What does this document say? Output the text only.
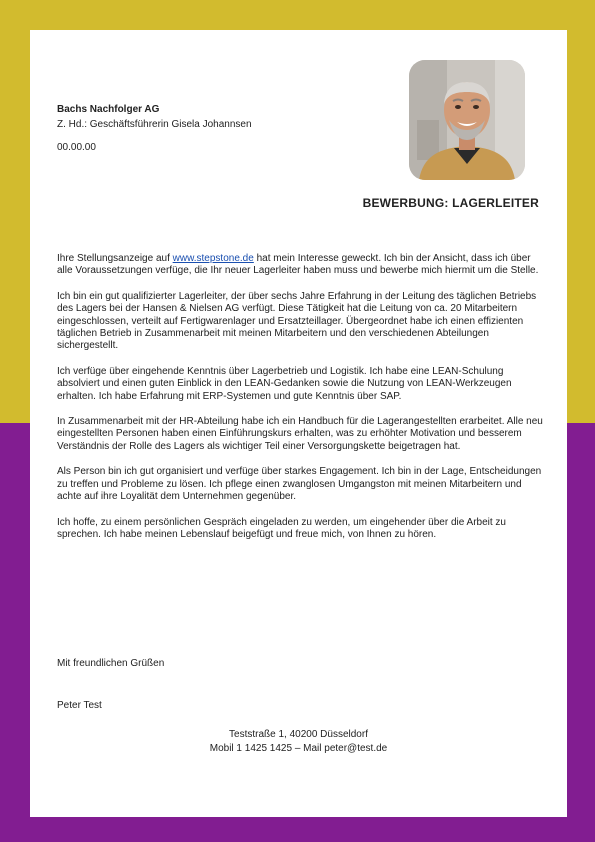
Bachs Nachfolger AG
Z. Hd.: Geschäftsführerin Gisela Johannsen
00.00.00
BEWERBUNG: LAGERLEITER

Ihre Stellungsanzeige auf www.stepstone.de hat mein Interesse geweckt. Ich bin der Ansicht, dass ich über alle Voraussetzungen verfüge, die Ihr neuer Lagerleiter haben muss und bewerbe mich hiermit um die Stelle.

Ich bin ein gut qualifizierter Lagerleiter, der über sechs Jahre Erfahrung in der Leitung des täglichen Betriebs des Lagers bei der Hansen & Nielsen AG verfügt. Diese Tätigkeit hat die Leitung von ca. 20 Mitarbeitern eingeschlossen, verteilt auf Fertigwarenlager und Ersatzteillager. Übergeordnet habe ich einen effizienten täglichen Betrieb in Zusammenarbeit mit meinen Mitarbeitern und den verschiedenen Abteilungen sichergestellt.

Ich verfüge über eingehende Kenntnis über Lagerbetrieb und Logistik. Ich habe eine LEAN-Schulung absolviert und einen guten Einblick in den LEAN-Gedanken sowie die Nutzung von LEAN-Werkzeugen erhalten. Ich habe Erfahrung mit ERP-Systemen und gute Kenntnis über SAP.

In Zusammenarbeit mit der HR-Abteilung habe ich ein Handbuch für die Lagerangestellten erarbeitet. Alle neu eingestellten Personen haben einen Einführungskurs erhalten, was zu erhöhter Motivation und besserem Verständnis der Rolle des Lagers als wichtiger Teil einer Versorgungskette beigetragen hat.

Als Person bin ich gut organisiert und verfüge über starkes Engagement. Ich bin in der Lage, Entscheidungen zu treffen und Probleme zu lösen. Ich pflege einen zwanglosen Umgangston mit meinen Mitarbeitern und achte auf ihre Loyalität dem Unternehmen gegenüber.

Ich hoffe, zu einem persönlichen Gespräch eingeladen zu werden, um eingehender über die Arbeit zu sprechen. Ich habe meinen Lebenslauf beigefügt und freue mich, von Ihnen zu hören.

Mit freundlichen Grüßen
Peter Test
Teststraße 1, 40200 Düsseldorf
Mobil 1 1425 1425 – Mail peter@test.de
